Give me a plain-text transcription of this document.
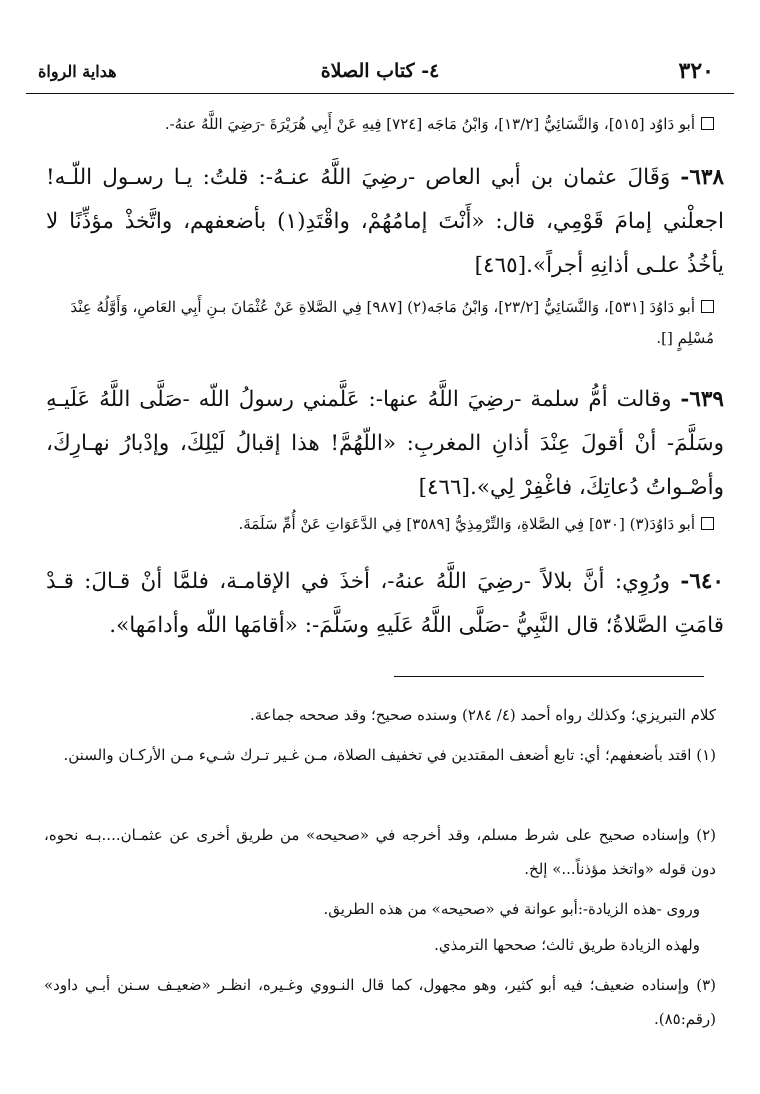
٣٢٠
٤- كتاب الصلاة
هداية الرواة
أبو دَاوُد [٥١٥]، وَالنَّسَائِيُّ [١٣/٢]، وَابْنُ مَاجَه [٧٢٤] فِيهِ عَنْ أَبِي هُرَيْرَةَ -رَضِيَ اللَّهُ عنهُ-.
٦٣٨- وَقَالَ عثمان بن أبي العاص -رضِيَ اللَّهُ عنـهُ-: قلتُ: يـا رسـول اللّـه! اجعلْني إمامَ قَوْمِي، قال: «أَنْتَ إمامُهُمْ، واقْتَدِ(١) بأضعفهم، واتَّخذْ مؤذِّنًا لا يأخُذُ علـى أذانِهِ أجراً».[٤٦٥]
أبو دَاوُدَ [٥٣١]، وَالنَّسَائِيُّ [٢٣/٢]، وَابْنُ مَاجَه(٢) [٩٨٧] فِي الصَّلاةِ عَنْ عُثْمَانَ بـنِ أَبِي العَاصِ، وَأَوَّلُهُ عِنْدَ مُسْلِمٍ [].
٦٣٩- وقالت أمُّ سلمة -رضِيَ اللَّهُ عنها-: عَلَّمني رسولُ اللّه -صَلَّى اللَّهُ عَلَيـهِ وسَلَّمَ- أنْ أقولَ عِنْدَ أذانِ المغربِ: «اللّهُمَّ! هذا إقبالُ لَيْلِكَ، وإدْبارُ نهـارِكَ، وأصْـواتُ دُعاتِكَ، فاغْفِرْ لِي».[٤٦٦]
أبو دَاوُدَ(٣) [٥٣٠] فِي الصَّلاةِ، وَالتِّرْمِذِيُّ [٣٥٨٩] فِي الدَّعَوَاتِ عَنْ أُمِّ سَلَمَةَ.
٦٤٠- ورُوِي: أنَّ بلالاً -رضِيَ اللَّهُ عنهُ-، أخذَ في الإقامـة، فلمَّا أنْ قـالَ: قـدْ قامَتِ الصَّلاةُ؛ قال النَّبِيُّ -صَلَّى اللَّهُ عَلَيهِ وسَلَّمَ-: «أقامَها اللّه وأدامَها».

كلام التبريزي؛ وكذلك رواه أحمد (٤/ ٢٨٤) وسنده صحيح؛ وقد صححه جماعة.

(١) اقتد بأضعفهم؛ أي: تابع أضعف المقتدين في تخفيف الصلاة، مـن غـير تـرك شـيء مـن الأركـان والسنن.

(٢) وإسناده صحيح على شرط مسلم، وقد أخرجه في «صحيحه» من طريق أخرى عن عثمـان....بـه نحوه، دون قوله «واتخذ مؤذناً...» إلخ.

وروى -هذه الزيادة-:أبو عوانة في «صحيحه» من هذه الطريق.

ولهذه الزيادة طريق ثالث؛ صححها الترمذي.

(٣) وإسناده ضعيف؛ فيه أبو كثير، وهو مجهول، كما قال النـووي وغـيره، انظـر «ضعيـف سـنن أبـي داود» (رقم:٨٥).
